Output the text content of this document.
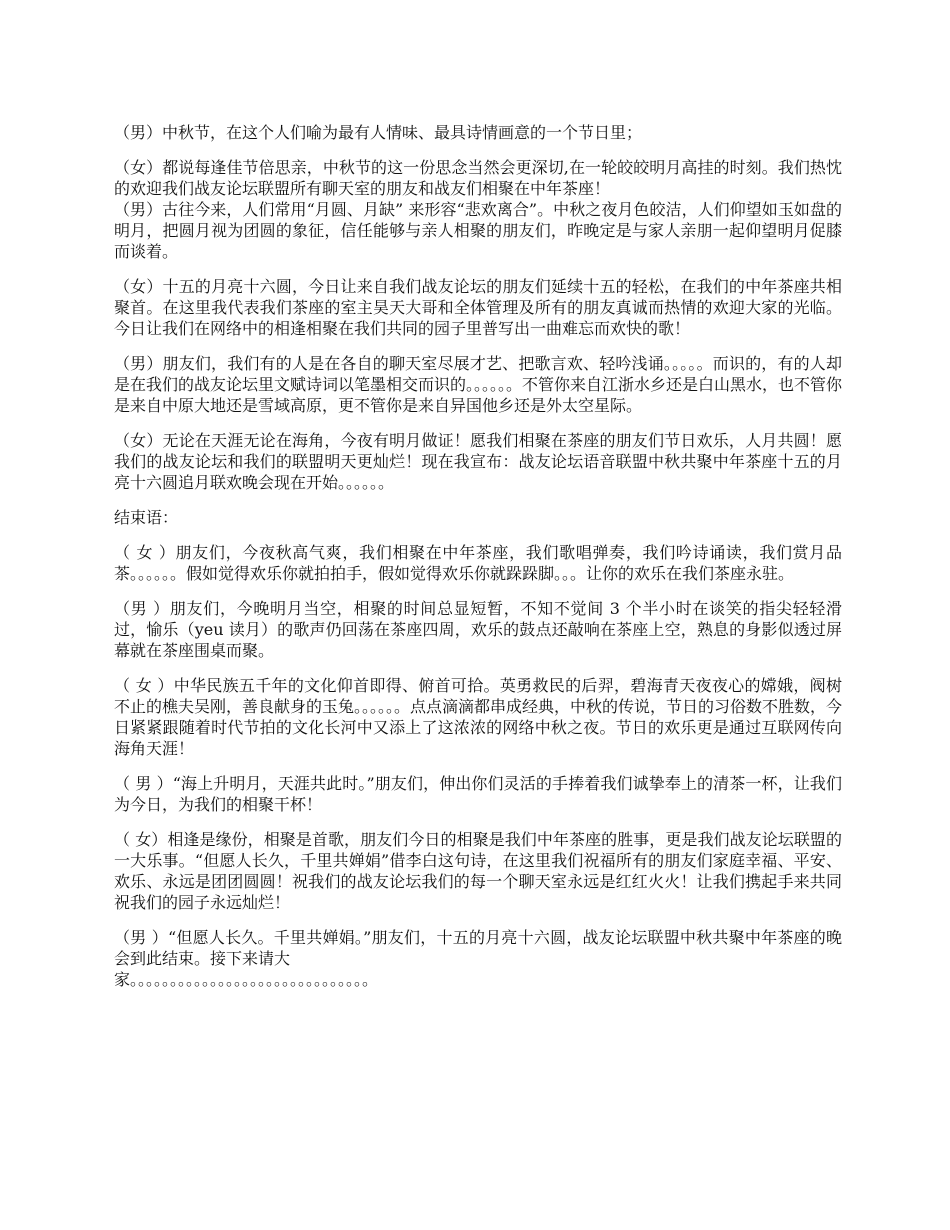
（男）中秋节，在这个人们喻为最有人情味、最具诗情画意的一个节日里；

（女）都说每逢佳节倍思亲，中秋节的这一份思念当然会更深切,在一轮皎皎明月高挂的时刻。我们热忱的欢迎我们战友论坛联盟所有聊天室的朋友和战友们相聚在中年茶座！

（男）古往今来，人们常用“月圆、月缺” 来形容“悲欢离合”。中秋之夜月色皎洁，人们仰望如玉如盘的明月，把圆月视为团圆的象征，信任能够与亲人相聚的朋友们，昨晚定是与家人亲朋一起仰望明月促膝而谈着。

（女）十五的月亮十六圆，今日让来自我们战友论坛的朋友们延续十五的轻松，在我们的中年茶座共相聚首。在这里我代表我们茶座的室主昊天大哥和全体管理及所有的朋友真诚而热情的欢迎大家的光临。今日让我们在网络中的相逢相聚在我们共同的园子里普写出一曲难忘而欢快的歌！

（男）朋友们，我们有的人是在各自的聊天室尽展才艺、把歌言欢、轻吟浅诵。。。。。而识的，有的人却是在我们的战友论坛里文赋诗词以笔墨相交而识的。。。。。。不管你来自江浙水乡还是白山黑水，也不管你是来自中原大地还是雪域高原，更不管你是来自异国他乡还是外太空星际。

（女）无论在天涯无论在海角，今夜有明月做证！愿我们相聚在茶座的朋友们节日欢乐，人月共圆！愿我们的战友论坛和我们的联盟明天更灿烂！现在我宣布：战友论坛语音联盟中秋共聚中年茶座十五的月亮十六圆追月联欢晚会现在开始。。。。。。

结束语：

（ 女 ）朋友们，今夜秋高气爽，我们相聚在中年茶座，我们歌唱弹奏，我们吟诗诵读，我们赏月品茶。。。。。。假如觉得欢乐你就拍拍手，假如觉得欢乐你就跺跺脚。。。让你的欢乐在我们茶座永驻。

（男 ）朋友们，今晚明月当空，相聚的时间总显短暂，不知不觉间 3 个半小时在谈笑的指尖轻轻滑过，愉乐（yeu 读月）的歌声仍回荡在茶座四周，欢乐的鼓点还敲响在茶座上空，熟息的身影似透过屏幕就在茶座围桌而聚。

（ 女 ）中华民族五千年的文化仰首即得、俯首可拾。英勇救民的后羿，碧海青天夜夜心的嫦娥，阀树不止的樵夫吴刚，善良献身的玉兔。。。。。。点点滴滴都串成经典，中秋的传说，节日的习俗数不胜数，今日紧紧跟随着时代节拍的文化长河中又添上了这浓浓的网络中秋之夜。节日的欢乐更是通过互联网传向海角天涯！

（ 男 ）“海上升明月，天涯共此时。”朋友们，伸出你们灵活的手捧着我们诚挚奉上的清茶一杯，让我们为今日，为我们的相聚干杯！

（ 女）相逢是缘份，相聚是首歌，朋友们今日的相聚是我们中年茶座的胜事，更是我们战友论坛联盟的一大乐事。“但愿人长久，千里共婵娟”借李白这句诗，在这里我们祝福所有的朋友们家庭幸福、平安、欢乐、永远是团团圆圆！祝我们的战友论坛我们的每一个聊天室永远是红红火火！让我们携起手来共同祝我们的园子永远灿烂！

（男 ）“但愿人长久。千里共婵娟。”朋友们，十五的月亮十六圆，战友论坛联盟中秋共聚中年茶座的晚会到此结束。接下来请大

家。。。。。。。。。。。。。。。。。。。。。。。。。。。。。。
